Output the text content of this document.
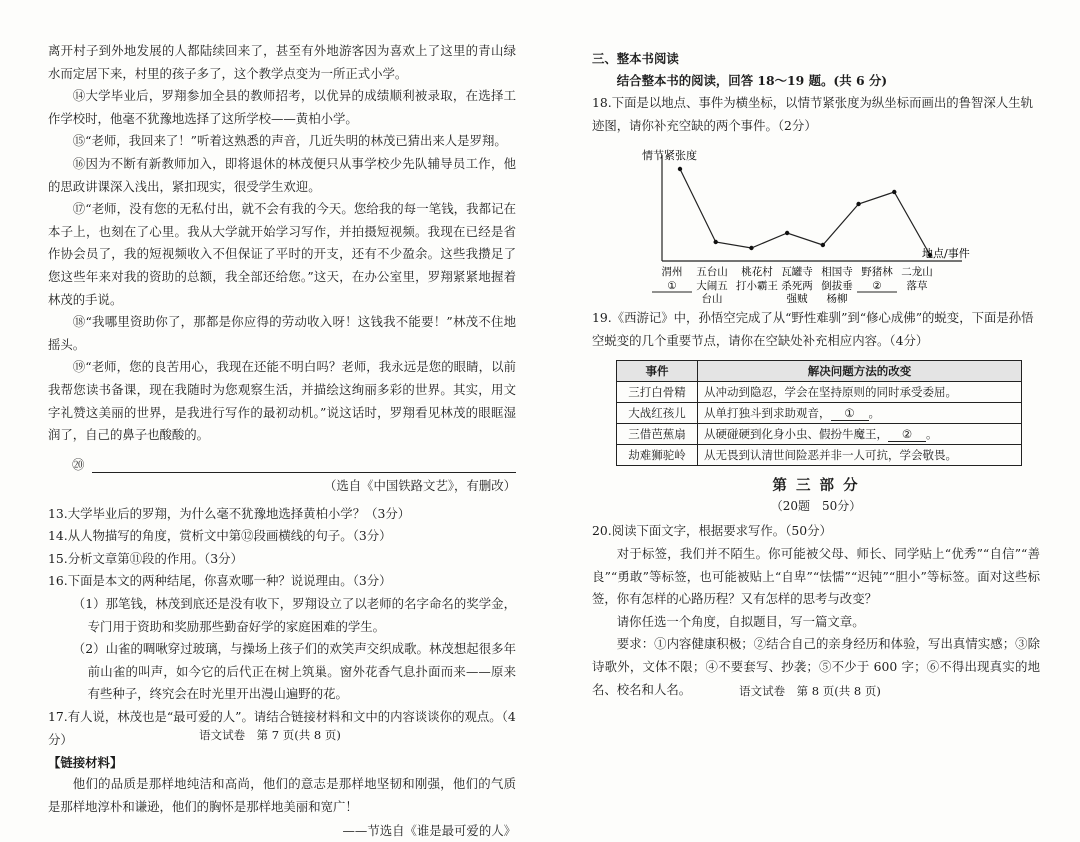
离开村子到外地发展的人都陆续回来了，甚至有外地游客因为喜欢上了这里的青山绿水而定居下来，村里的孩子多了，这个教学点变为一所正式小学。

⑭大学毕业后，罗翔参加全县的教师招考，以优异的成绩顺利被录取，在选择工作学校时，他毫不犹豫地选择了这所学校——黄柏小学。

⑮“老师，我回来了！”听着这熟悉的声音，几近失明的林茂已猜出来人是罗翔。

⑯因为不断有新教师加入，即将退休的林茂便只从事学校少先队辅导员工作，他的思政讲课深入浅出，紧扣现实，很受学生欢迎。

⑰“老师，没有您的无私付出，就不会有我的今天。您给我的每一笔钱，我都记在本子上，也刻在了心里。我从大学就开始学习写作，并拍摄短视频。我现在已经是省作协会员了，我的短视频收入不但保证了平时的开支，还有不少盈余。这些我攒足了您这些年来对我的资助的总额，我全部还给您。”这天，在办公室里，罗翔紧紧地握着林茂的手说。

⑱“我哪里资助你了，那都是你应得的劳动收入呀！这钱我不能要！”林茂不住地摇头。

⑲“老师，您的良苦用心，我现在还能不明白吗？老师，我永远是您的眼睛，以前我帮您读书备课，现在我随时为您观察生活，并描绘这绚丽多彩的世界。其实，用文字礼赞这美丽的世界，是我进行写作的最初动机。”说这话时，罗翔看见林茂的眼眶湿润了，自己的鼻子也酸酸的。

⑳
（选自《中国铁路文艺》，有删改）

13.大学毕业后的罗翔，为什么毫不犹豫地选择黄柏小学？（3分）

14.从人物描写的角度，赏析文中第⑫段画横线的句子。（3分）

15.分析文章第⑪段的作用。（3分）

16.下面是本文的两种结尾，你喜欢哪一种？说说理由。（3分）

（1）那笔钱，林茂到底还是没有收下，罗翔设立了以老师的名字命名的奖学金，专门用于资助和奖励那些勤奋好学的家庭困难的学生。

（2）山雀的啁啾穿过玻璃，与操场上孩子们的欢笑声交织成歌。林茂想起很多年前山雀的叫声，如今它的后代正在树上筑巢。窗外花香气息扑面而来——原来有些种子，终究会在时光里开出漫山遍野的花。

17.有人说，林茂也是“最可爱的人”。请结合链接材料和文中的内容谈谈你的观点。（4分）

【链接材料】

他们的品质是那样地纯洁和高尚，他们的意志是那样地坚韧和刚强，他们的气质是那样地淳朴和谦逊，他们的胸怀是那样地美丽和宽广！

——节选自《谁是最可爱的人》
语文试卷　第 7 页(共 8 页)

三、整本书阅读

结合整本书的阅读，回答 18～19 题。(共 6 分)

18.下面是以地点、事件为横坐标，以情节紧张度为纵坐标而画出的鲁智深人生轨迹图，请你补充空缺的两个事件。（2分）

情节紧张度
地点/事件
渭州 五台山 桃花村 瓦罐寺 相国寺 野猪林 二龙山
① 大闹五
台山
打小霸王 杀死两
强贼
倒拔垂
杨柳
② 落草

19.《西游记》中，孙悟空完成了从“野性难驯”到“修心成佛”的蜕变，下面是孙悟空蜕变的几个重要节点，请你在空缺处补充相应内容。（4分）

事件	解决问题方法的改变
三打白骨精	从冲动到隐忍，学会在坚持原则的同时承受委屈。
大战红孩儿	从单打独斗到求助观音， ① 。
三借芭蕉扇	从硬碰硬到化身小虫、假扮牛魔王， ② 。
劫难狮驼岭	从无畏到认清世间险恶并非一人可抗，学会敬畏。
第 三 部 分
（20题　50分）

20.阅读下面文字，根据要求写作。（50分）

对于标签，我们并不陌生。你可能被父母、师长、同学贴上“优秀”“自信”“善良”“勇敢”等标签，也可能被贴上“自卑”“怯懦”“迟钝”“胆小”等标签。面对这些标签，你有怎样的心路历程？又有怎样的思考与改变？

请你任选一个角度，自拟题目，写一篇文章。

要求：①内容健康积极；②结合自己的亲身经历和体验，写出真情实感；③除诗歌外，文体不限；④不要套写、抄袭；⑤不少于 600 字；⑥不得出现真实的地名、校名和人名。	语文试卷　第 8 页(共 8 页)
